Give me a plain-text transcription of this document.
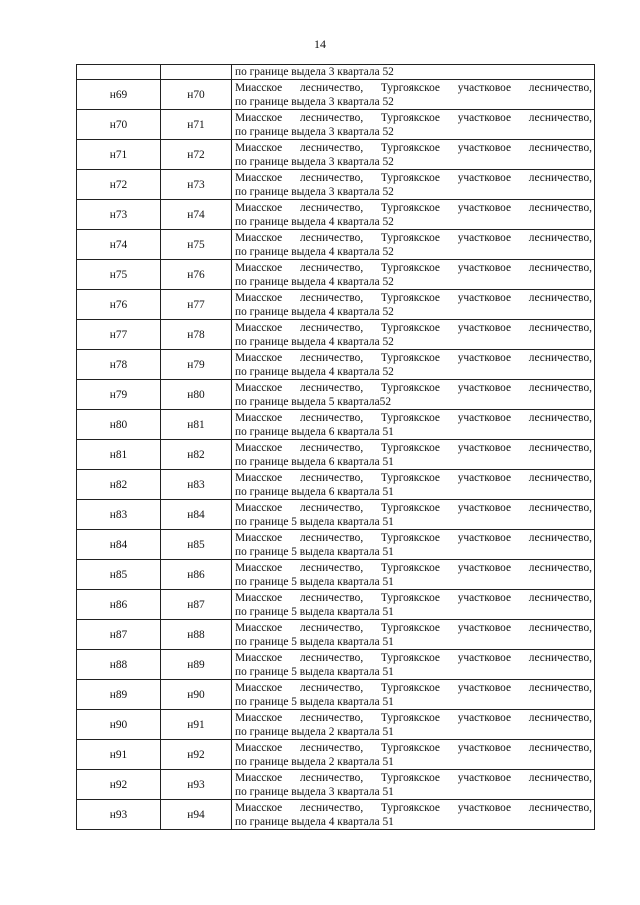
14

		по границе выдела 3 квартала 52

н69	н70	Миасское лесничество, Тургоякское участковое лесничество,
по границе выдела 3 квартала 52

н70	н71	Миасское лесничество, Тургоякское участковое лесничество,
по границе выдела 3 квартала 52

н71	н72	Миасское лесничество, Тургоякское участковое лесничество,
по границе выдела 3 квартала 52

н72	н73	Миасское лесничество, Тургоякское участковое лесничество,
по границе выдела 3 квартала 52

н73	н74	Миасское лесничество, Тургоякское участковое лесничество,
по границе выдела 4 квартала 52

н74	н75	Миасское лесничество, Тургоякское участковое лесничество,
по границе выдела 4 квартала 52

н75	н76	Миасское лесничество, Тургоякское участковое лесничество,
по границе выдела 4 квартала 52

н76	н77	Миасское лесничество, Тургоякское участковое лесничество,
по границе выдела 4 квартала 52

н77	н78	Миасское лесничество, Тургоякское участковое лесничество,
по границе выдела 4 квартала 52

н78	н79	Миасское лесничество, Тургоякское участковое лесничество,
по границе выдела 4 квартала 52

н79	н80	Миасское лесничество, Тургоякское участковое лесничество,
по границе выдела 5 квартала52

н80	н81	Миасское лесничество, Тургоякское участковое лесничество,
по границе выдела 6 квартала 51

н81	н82	Миасское лесничество, Тургоякское участковое лесничество,
по границе выдела 6 квартала 51

н82	н83	Миасское лесничество, Тургоякское участковое лесничество,
по границе выдела 6 квартала 51

н83	н84	Миасское лесничество, Тургоякское участковое лесничество,
по границе 5 выдела квартала 51

н84	н85	Миасское лесничество, Тургоякское участковое лесничество,
по границе 5 выдела квартала 51

н85	н86	Миасское лесничество, Тургоякское участковое лесничество,
по границе 5 выдела квартала 51

н86	н87	Миасское лесничество, Тургоякское участковое лесничество,
по границе 5 выдела квартала 51

н87	н88	Миасское лесничество, Тургоякское участковое лесничество,
по границе 5 выдела квартала 51

н88	н89	Миасское лесничество, Тургоякское участковое лесничество,
по границе 5 выдела квартала 51

н89	н90	Миасское лесничество, Тургоякское участковое лесничество,
по границе 5 выдела квартала 51

н90	н91	Миасское лесничество, Тургоякское участковое лесничество,
по границе выдела 2 квартала 51

н91	н92	Миасское лесничество, Тургоякское участковое лесничество,
по границе выдела 2 квартала 51

н92	н93	Миасское лесничество, Тургоякское участковое лесничество,
по границе выдела 3 квартала 51

н93	н94	Миасское лесничество, Тургоякское участковое лесничество,
по границе выдела 4 квартала 51
